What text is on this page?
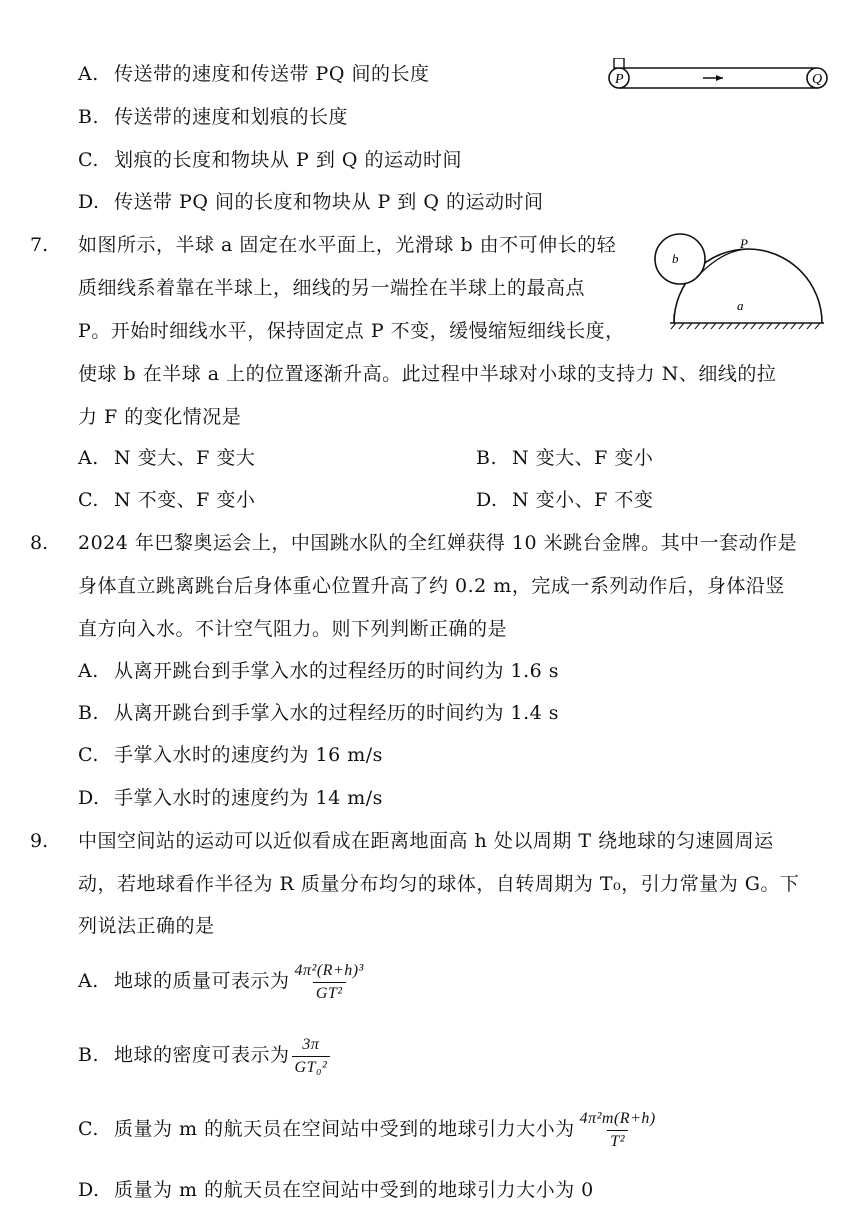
A. 传送带的速度和传送带 PQ 间的长度
B. 传送带的速度和划痕的长度
C. 划痕的长度和物块从 P 到 Q 的运动时间
D. 传送带 PQ 间的长度和物块从 P 到 Q 的运动时间
P	Q
7. 如图所示，半球 a 固定在水平面上，光滑球 b 由不可伸长的轻
质细线系着靠在半球上，细线的另一端拴在半球上的最高点
P。开始时细线水平，保持固定点 P 不变，缓慢缩短细线长度，
使球 b 在半球 a 上的位置逐渐升高。此过程中半球对小球的支持力 N、细线的拉
力 F 的变化情况是
b
P
a
A. N 变大、F 变大	B. N 变大、F 变小
C. N 不变、F 变小	D. N 变小、F 不变
8. 2024 年巴黎奥运会上，中国跳水队的全红婵获得 10 米跳台金牌。其中一套动作是
身体直立跳离跳台后身体重心位置升高了约 0.2 m，完成一系列动作后，身体沿竖
直方向入水。不计空气阻力。则下列判断正确的是
A. 从离开跳台到手掌入水的过程经历的时间约为 1.6 s
B. 从离开跳台到手掌入水的过程经历的时间约为 1.4 s
C. 手掌入水时的速度约为 16 m/s
D. 手掌入水时的速度约为 14 m/s
9. 中国空间站的运动可以近似看成在距离地面高 h 处以周期 T 绕地球的匀速圆周运
动，若地球看作半径为 R 质量分布均匀的球体，自转周期为 T₀，引力常量为 G。下
列说法正确的是
A. 地球的质量可表示为 $\frac{\text{4π²(R+h)³}}{\text{GT²}}$
B. 地球的密度可表示为 $\frac{3\pi}{\text{GT₀²}}$
C. 质量为 m 的航天员在空间站中受到的地球引力大小为 $\frac{\text{4π²m(R+h)}}{\text{T²}}$
D. 质量为 m 的航天员在空间站中受到的地球引力大小为 0
